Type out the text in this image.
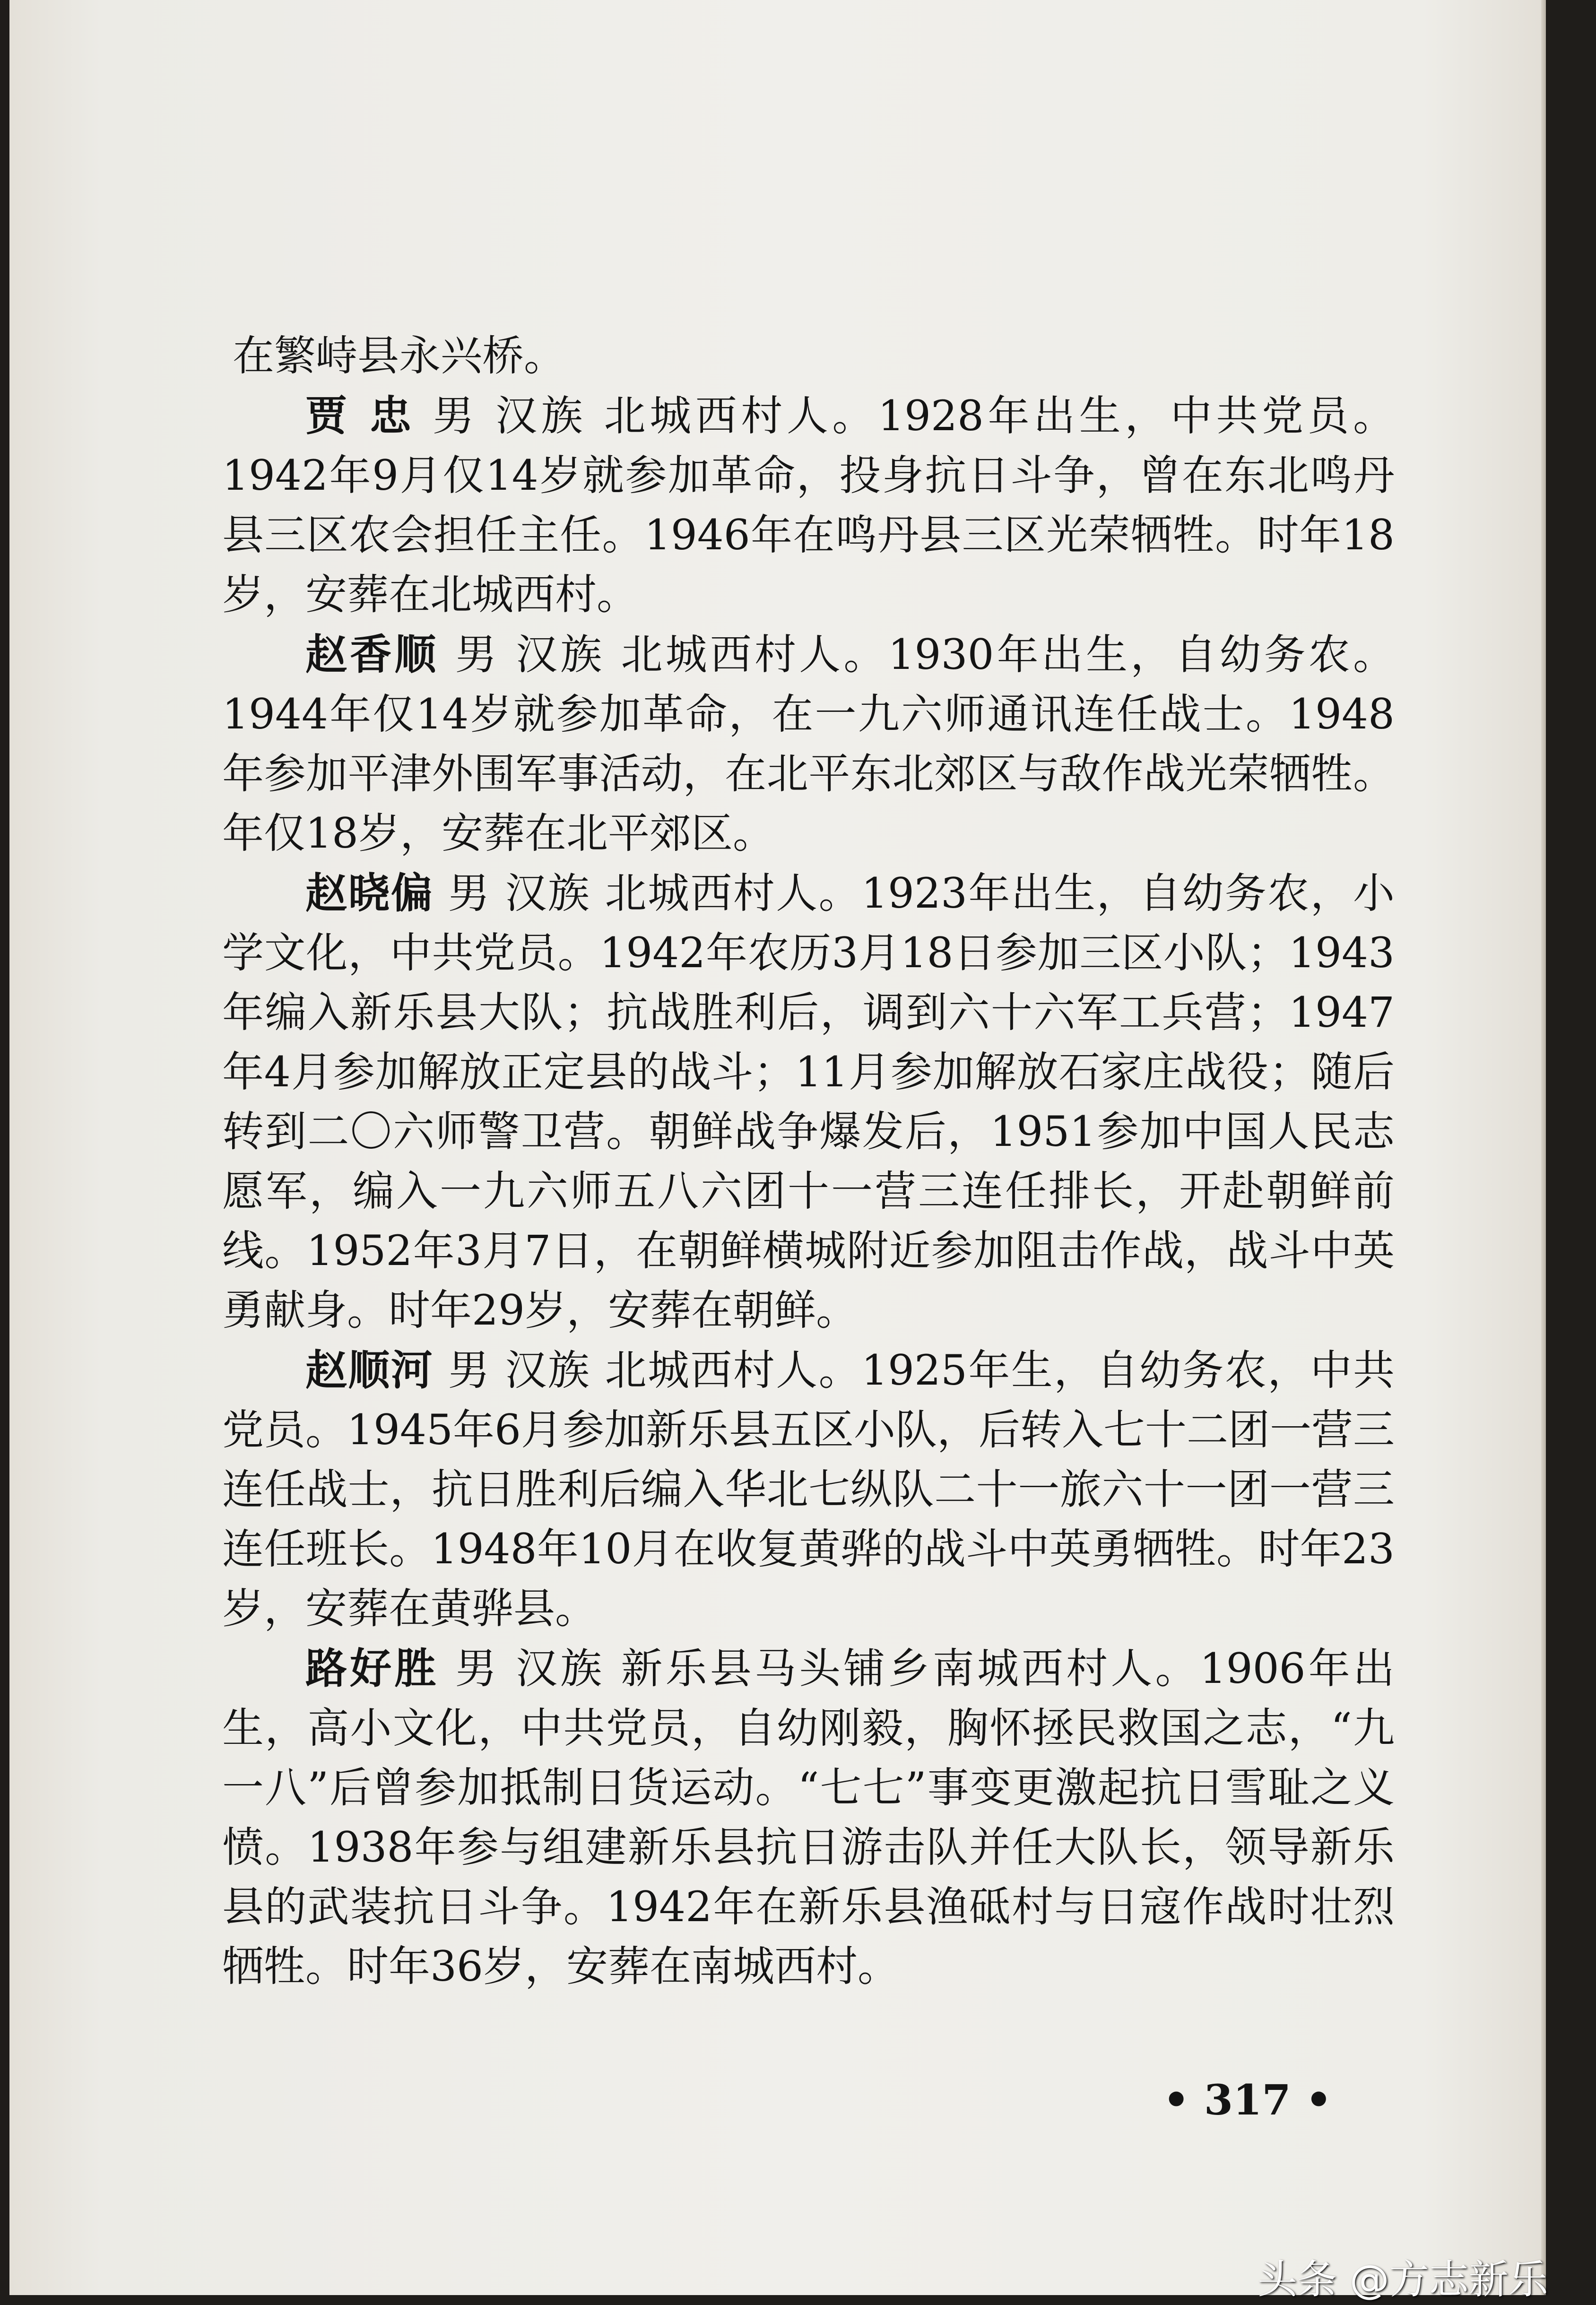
在繁峙县永兴桥。

贾 忠 男 汉族 北城西村人。1928年出生，中共党员。1942年9月仅14岁就参加革命，投身抗日斗争，曾在东北鸣丹县三区农会担任主任。1946年在鸣丹县三区光荣牺牲。时年18岁，安葬在北城西村。

赵香顺 男 汉族 北城西村人。1930年出生，自幼务农。1944年仅14岁就参加革命，在一九六师通讯连任战士。1948年参加平津外围军事活动，在北平东北郊区与敌作战光荣牺牲。年仅18岁，安葬在北平郊区。

赵晓偏 男 汉族 北城西村人。1923年出生，自幼务农，小学文化，中共党员。1942年农历3月18日参加三区小队；1943年编入新乐县大队；抗战胜利后，调到六十六军工兵营；1947年4月参加解放正定县的战斗；11月参加解放石家庄战役；随后转到二〇六师警卫营。朝鲜战争爆发后，1951参加中国人民志愿军，编入一九六师五八六团十一营三连任排长，开赴朝鲜前线。1952年3月7日，在朝鲜横城附近参加阻击作战，战斗中英勇献身。时年29岁，安葬在朝鲜。

赵顺河 男 汉族 北城西村人。1925年生，自幼务农，中共党员。1945年6月参加新乐县五区小队，后转入七十二团一营三连任战士，抗日胜利后编入华北七纵队二十一旅六十一团一营三连任班长。1948年10月在收复黄骅的战斗中英勇牺牲。时年23岁，安葬在黄骅县。

路好胜 男 汉族 新乐县马头铺乡南城西村人。1906年出生，高小文化，中共党员，自幼刚毅，胸怀拯民救国之志，“九一八”后曾参加抵制日货运动。“七七”事变更激起抗日雪耻之义愤。1938年参与组建新乐县抗日游击队并任大队长，领导新乐县的武装抗日斗争。1942年在新乐县渔砥村与日寇作战时壮烈牺牲。时年36岁，安葬在南城西村。

• 317 •
头条 @方志新乐
